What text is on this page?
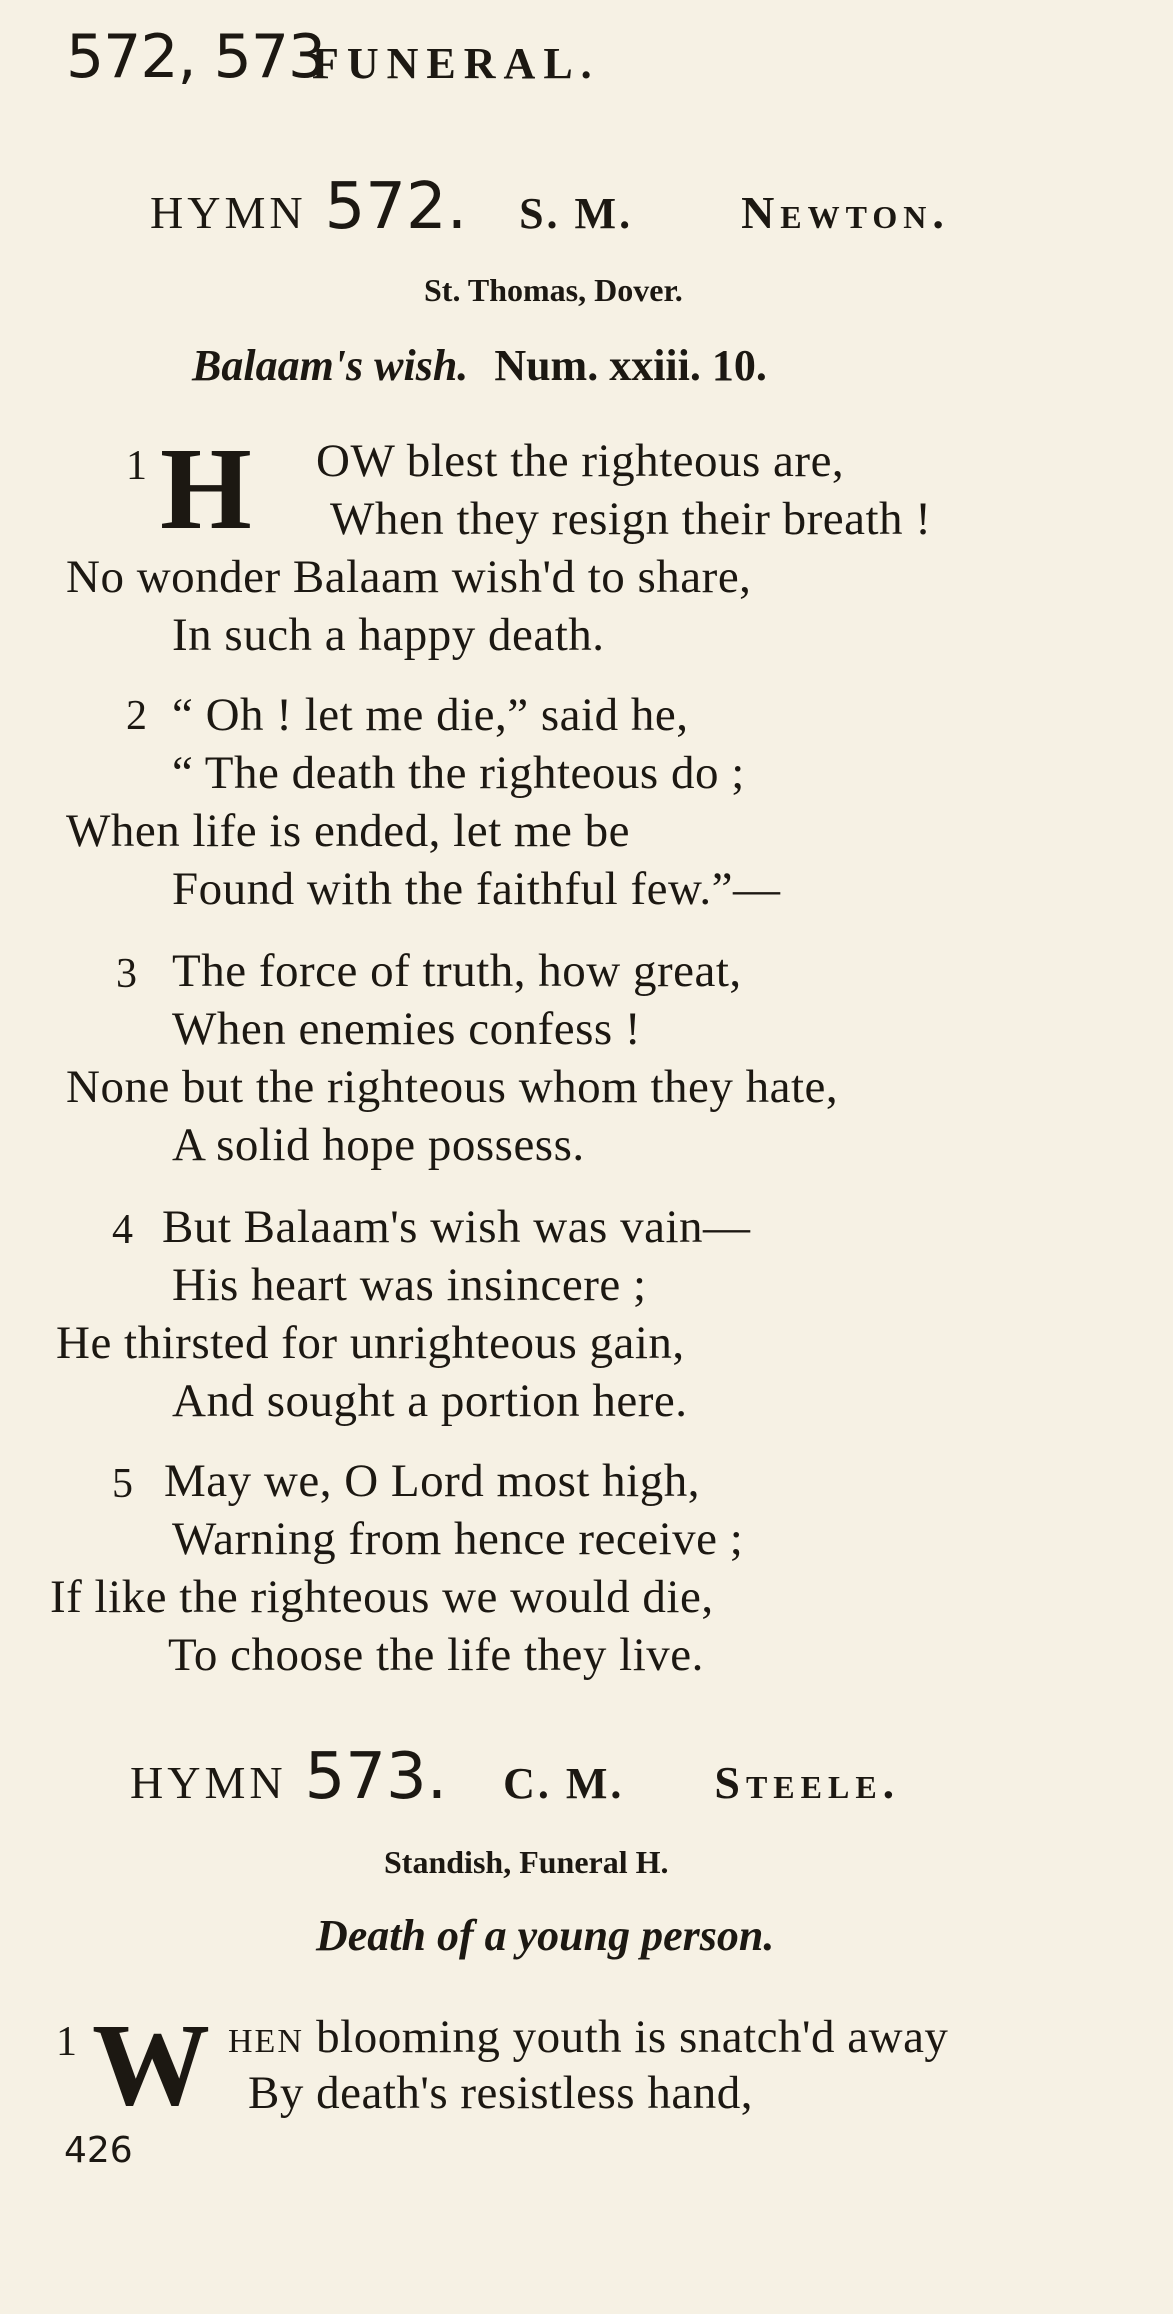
572, 573
FUNERAL.
HYMN 572. S. M. Newton.
St. Thomas, Dover.
Balaam's wish. Num. xxiii. 10.
1 H OW blest the righteous are,
When they resign their breath !
No wonder Balaam wish'd to share,
In such a happy death.
2 “ Oh ! let me die,” said he,
“ The death the righteous do ;
When life is ended, let me be
Found with the faithful few.”—
3 The force of truth, how great,
When enemies confess !
None but the righteous whom they hate,
A solid hope possess.
4 But Balaam's wish was vain—
His heart was insincere ;
He thirsted for unrighteous gain,
And sought a portion here.
5 May we, O Lord most high,
Warning from hence receive ;
If like the righteous we would die,
To choose the life they live.
HYMN 573. C. M. Steele.
Standish, Funeral H.
Death of a young person.
1 W HEN blooming youth is snatch'd away
By death's resistless hand,
426
